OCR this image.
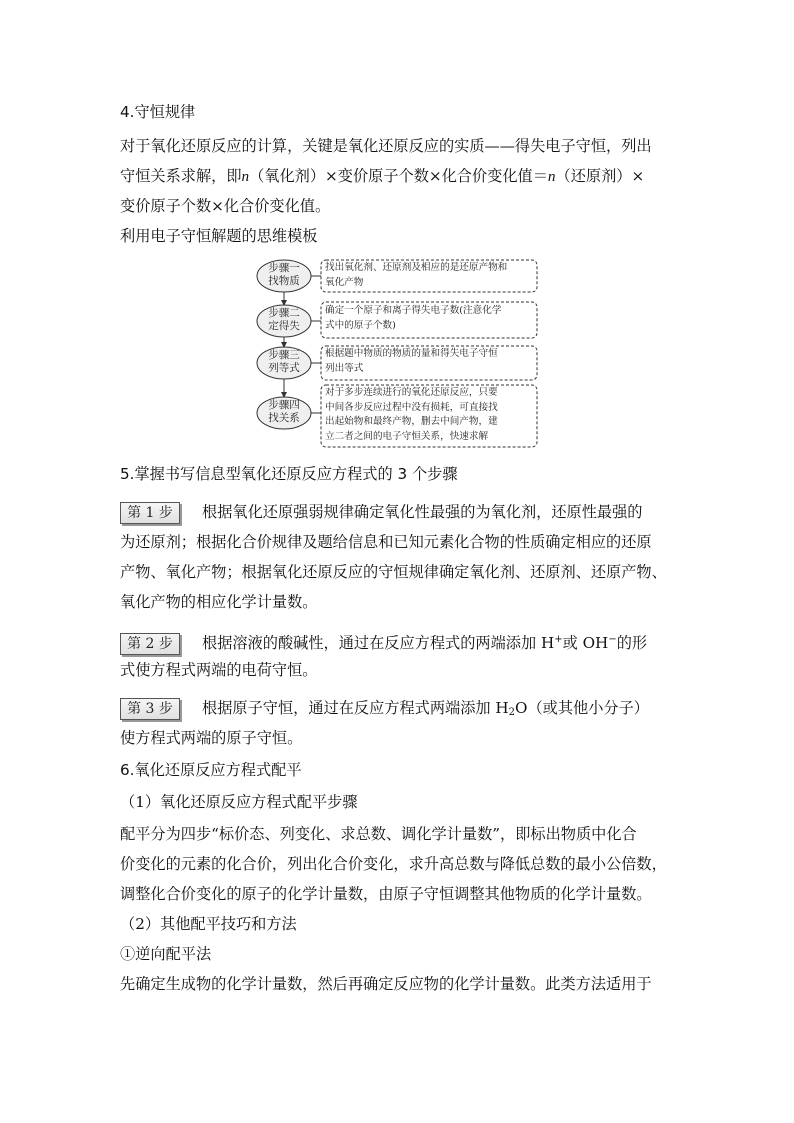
4.守恒规律
对于氧化还原反应的计算，关键是氧化还原反应的实质——得失电子守恒，列出
守恒关系求解，即n（氧化剂）×变价原子个数×化合价变化值＝n（还原剂）×
变价原子个数×化合价变化值。
利用电子守恒解题的思维模板
步骤一
找物质
步骤二
定得失
步骤三
列等式
步骤四
找关系
找出氧化剂、还原剂及相应的是还原产物和
氧化产物
确定一个原子和离子得失电子数(注意化学
式中的原子个数)
根据题中物质的物质的量和得失电子守恒
列出等式
对于多步连续进行的氧化还原反应，只要
中间各步反应过程中没有损耗，可直接找
出起始物和最终产物，删去中间产物，建
立二者之间的电子守恒关系，快速求解
5.掌握书写信息型氧化还原反应方程式的 3 个步骤
第 1 步 根据氧化还原强弱规律确定氧化性最强的为氧化剂，还原性最强的
为还原剂；根据化合价规律及题给信息和已知元素化合物的性质确定相应的还原
产物、氧化产物；根据氧化还原反应的守恒规律确定氧化剂、还原剂、还原产物、
氧化产物的相应化学计量数。
第 2 步 根据溶液的酸碱性，通过在反应方程式的两端添加 H+或 OH−的形
式使方程式两端的电荷守恒。
第 3 步 根据原子守恒，通过在反应方程式两端添加 $H_2O$（或其他小分子）
使方程式两端的原子守恒。
6.氧化还原反应方程式配平
（1）氧化还原反应方程式配平步骤
配平分为四步“标价态、列变化、求总数、调化学计量数”，即标出物质中化合
价变化的元素的化合价，列出化合价变化，求升高总数与降低总数的最小公倍数，
调整化合价变化的原子的化学计量数，由原子守恒调整其他物质的化学计量数。
（2）其他配平技巧和方法
①逆向配平法
先确定生成物的化学计量数，然后再确定反应物的化学计量数。此类方法适用于
